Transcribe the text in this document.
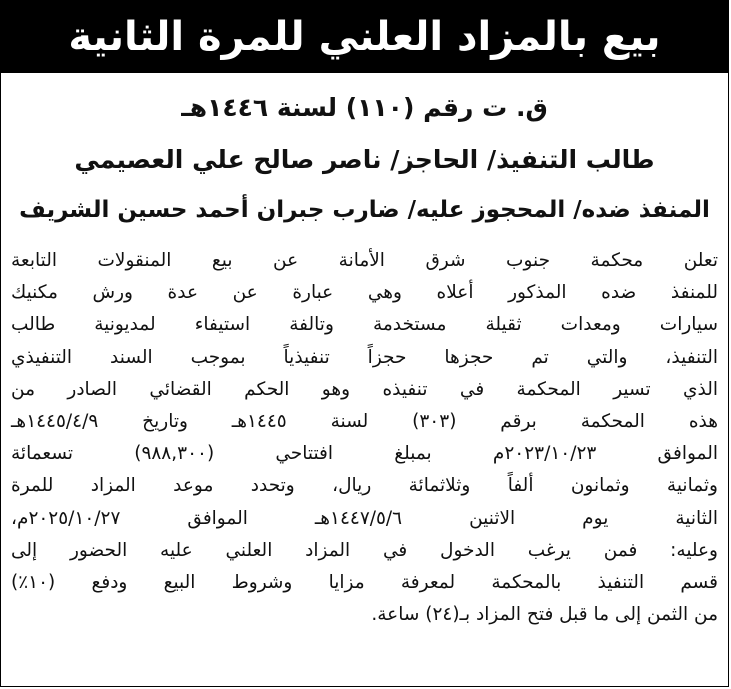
بيع بالمزاد العلني للمرة الثانية
ق. ت رقم (١١٠) لسنة ١٤٤٦هـ
طالب التنفيذ/ الحاجز/ ناصر صالح علي العصيمي
المنفذ ضده/ المحجوز عليه/ ضارب جبران أحمد حسين الشريف
تعلن محكمة جنوب شرق الأمانة عن بيع المنقولات التابعة
للمنفذ ضده المذكور أعلاه وهي عبارة عن عدة ورش مكنيك
سيارات ومعدات ثقيلة مستخدمة وتالفة استيفاء لمديونية طالب
التنفيذ، والتي تم حجزها حجزاً تنفيذياً بموجب السند التنفيذي
الذي تسير المحكمة في تنفيذه وهو الحكم القضائي الصادر من
هذه المحكمة برقم (٣٠٣) لسنة ١٤٤٥هـ وتاريخ ١٤٤٥/٤/٩هـ
الموافق ٢٠٢٣/١٠/٢٣م بمبلغ افتتاحي (٩٨٨,٣٠٠) تسعمائة
وثمانية وثمانون ألفاً وثلاثمائة ريال، وتحدد موعد المزاد للمرة
الثانية يوم الاثنين ١٤٤٧/٥/٦هـ الموافق ٢٠٢٥/١٠/٢٧م،
وعليه: فمن يرغب الدخول في المزاد العلني عليه الحضور إلى
قسم التنفيذ بالمحكمة لمعرفة مزايا وشروط البيع ودفع (١٠٪)
من الثمن إلى ما قبل فتح المزاد بـ(٢٤) ساعة.
